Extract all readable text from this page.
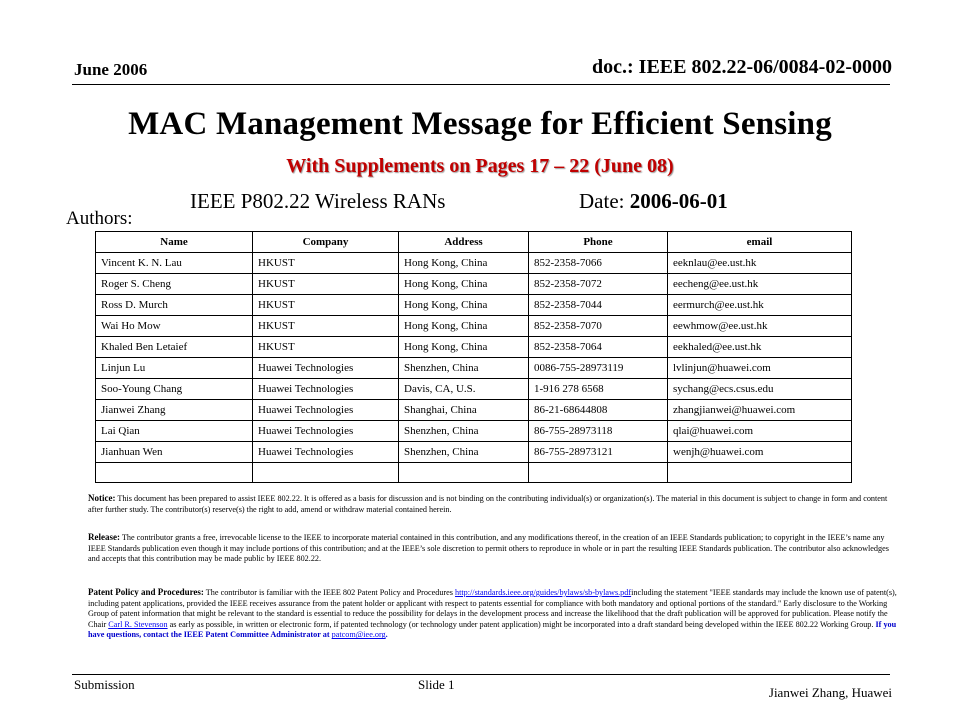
June 2006	doc.: IEEE 802.22-06/0084-02-0000
MAC Management Message for Efficient Sensing
With Supplements on Pages 17 – 22 (June 08)
IEEE P802.22 Wireless RANs	Date: 2006-06-01
Authors:
Name	Company	Address	Phone	email
Vincent K. N. Lau	HKUST	Hong Kong, China	852-2358-7066	eeknlau@ee.ust.hk
Roger S. Cheng	HKUST	Hong Kong, China	852-2358-7072	eecheng@ee.ust.hk
Ross D. Murch	HKUST	Hong Kong, China	852-2358-7044	eermurch@ee.ust.hk
Wai Ho Mow	HKUST	Hong Kong, China	852-2358-7070	eewhmow@ee.ust.hk
Khaled Ben Letaief	HKUST	Hong Kong, China	852-2358-7064	eekhaled@ee.ust.hk
Linjun Lu	Huawei Technologies	Shenzhen, China	0086-755-28973119	lvlinjun@huawei.com
Soo-Young Chang	Huawei Technologies	Davis, CA, U.S.	1-916 278 6568	sychang@ecs.csus.edu
Jianwei Zhang	Huawei Technologies	Shanghai, China	86-21-68644808	zhangjianwei@huawei.com
Lai Qian	Huawei Technologies	Shenzhen, China	86-755-28973118	qlai@huawei.com
Jianhuan Wen	Huawei Technologies	Shenzhen, China	86-755-28973121	wenjh@huawei.com

Notice: This document has been prepared to assist IEEE 802.22. It is offered as a basis for discussion and is not binding on the contributing individual(s) or organization(s). The material in this document is subject to change in form and content after further study. The contributor(s) reserve(s) the right to add, amend or withdraw material contained herein.
Release: The contributor grants a free, irrevocable license to the IEEE to incorporate material contained in this contribution, and any modifications thereof, in the creation of an IEEE Standards publication; to copyright in the IEEE’s name any IEEE Standards publication even though it may include portions of this contribution; and at the IEEE’s sole discretion to permit others to reproduce in whole or in part the resulting IEEE Standards publication. The contributor also acknowledges and accepts that this contribution may be made public by IEEE 802.22.
Patent Policy and Procedures: The contributor is familiar with the IEEE 802 Patent Policy and Procedures http://standards.ieee.org/guides/bylaws/sb-bylaws.pdfincluding the statement "IEEE standards may include the known use of patent(s), including patent applications, provided the IEEE receives assurance from the patent holder or applicant with respect to patents essential for compliance with both mandatory and optional portions of the standard." Early disclosure to the Working Group of patent information that might be relevant to the standard is essential to reduce the possibility for delays in the development process and increase the likelihood that the draft publication will be approved for publication. Please notify the Chair Carl R. Stevenson as early as possible, in written or electronic form, if patented technology (or technology under patent application) might be incorporated into a draft standard being developed within the IEEE 802.22 Working Group. If you have questions, contact the IEEE Patent Committee Administrator at patcom@iee.org.
Submission	Slide 1
Jianwei Zhang, Huawei
